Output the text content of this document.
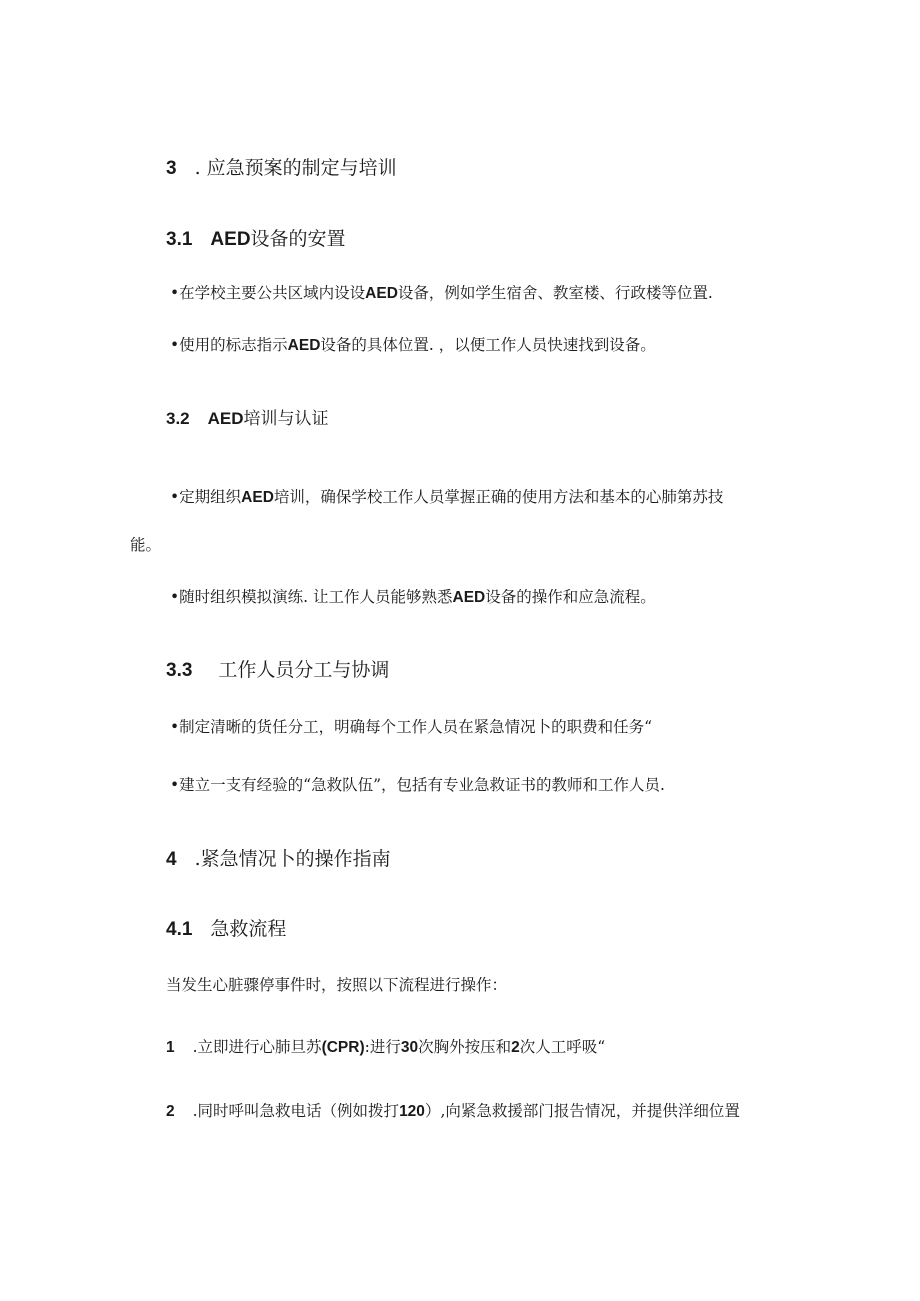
3 . 应急预案的制定与培训
3.1 AED设备的安置
•在学校主要公共区域内设设AED设备，例如学生宿舍、教室楼、行政楼等位置.
•使用的标志指示AED设备的具体位置. ，以便工作人员快速找到设备。
3.2 AED培训与认证
•定期组织AED培训，确保学校工作人员掌握正确的使用方法和基本的心肺第苏技
能。
•随时组织模拟演练. 让工作人员能够熟悉AED设备的操作和应急流程。
3.3 工作人员分工与协调
•制定清晰的货任分工，明确每个工作人员在紧急情况卜的职费和任务“
•建立一支有经验的“急救队伍”，包括有专业急救证书的教师和工作人员.
4 .紧急情况卜的操作指南
4.1 急救流程
当发生心脏骤停事件时，按照以下流程进行操作：
1 .立即进行心肺旦苏(CPR):进行30次胸外按压和2次人工呼吸“
2 .同时呼叫急救电话（例如拨打120）,向紧急救援部门报告情况，并提供洋细位置
